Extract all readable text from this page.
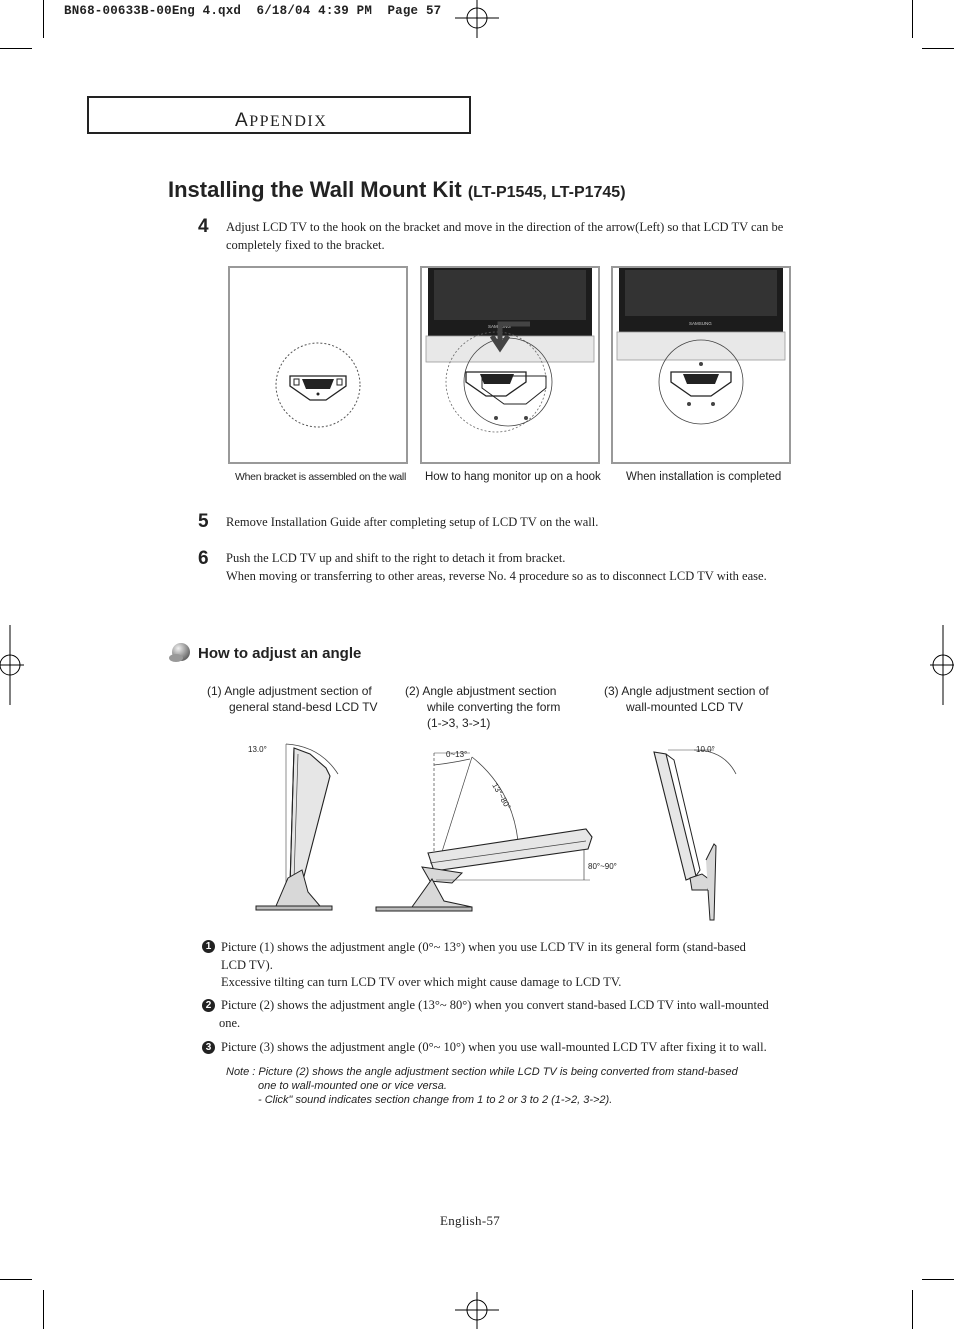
BN68-00633B-00Eng 4.qxd  6/18/04 4:39 PM  Page 57
APPENDIX
Installing the Wall Mount Kit (LT-P1545, LT-P1745)
4 Adjust LCD TV to the hook on the bracket and move in the direction of the arrow(Left) so that LCD TV can be
completely fixed to the bracket.
When bracket is assembled on the wall
SAMSUNG
How to hang monitor up on a hook
SAMSUNG
When installation is completed
5 Remove Installation Guide after completing setup of LCD TV on the wall.
6 Push the LCD TV up and shift to the right to detach it from bracket.
When moving or transferring to other areas, reverse No. 4 procedure so as to disconnect LCD TV with ease.
How to adjust an angle
(1) Angle adjustment section of
general stand-besd LCD TV
(2) Angle abjustment section
while converting the form
(1->3, 3->1)
(3) Angle adjustment section of
wall-mounted LCD TV
13.0°
0~13°
13°~80°
80°~90°
10.0°
1 Picture (1) shows the adjustment angle (0°~ 13°) when you use LCD TV in its general form (stand-based
LCD TV).
Excessive tilting can turn LCD TV over which might cause damage to LCD TV.
2 Picture (2) shows the adjustment angle (13°~ 80°) when you convert stand-based LCD TV into wall-mounted
one.
3 Picture (3) shows the adjustment angle (0°~ 10°) when you use wall-mounted LCD TV after fixing it to wall.
Note : Picture (2) shows the angle adjustment section while LCD TV is being converted from stand-based
one to wall-mounted one or vice versa.
- Click" sound indicates section change from 1 to 2 or 3 to 2 (1->2, 3->2).
English-57
